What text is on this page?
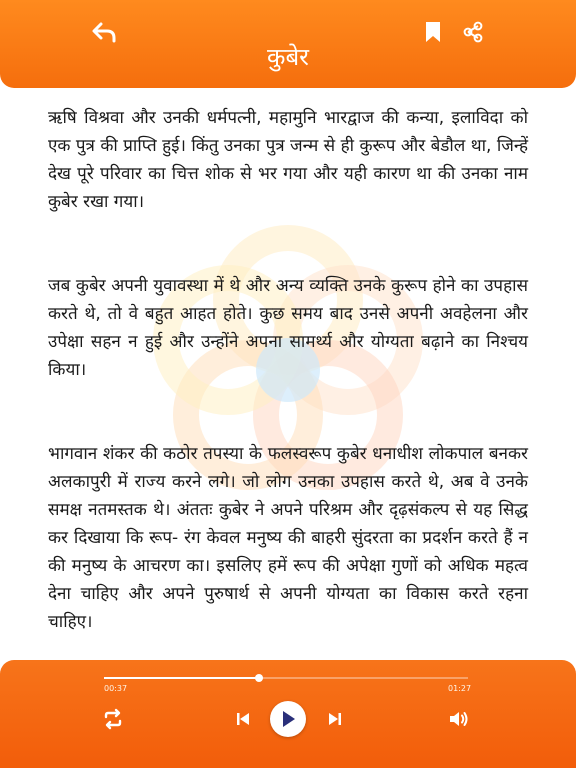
कुबेर

ऋषि विश्रवा और उनकी धर्मपत्नी, महामुनि भारद्वाज की कन्या, इलाविदा को एक पुत्र की प्राप्ति हुई। किंतु उनका पुत्र जन्म से ही कुरूप और बेडौल था, जिन्हें देख पूरे परिवार का चित्त शोक से भर गया और यही कारण था की उनका नाम कुबेर रखा गया।

जब कुबेर अपनी युवावस्था में थे और अन्य व्यक्ति उनके कुरूप होने का उपहास करते थे, तो वे बहुत आहत होते। कुछ समय बाद उनसे अपनी अवहेलना और उपेक्षा सहन न हुई और उन्होंने अपना सामर्थ्य और योग्यता बढ़ाने का निश्चय किया।

भागवान शंकर की कठोर तपस्या के फलस्वरूप कुबेर धनाधीश लोकपाल बनकर अलकापुरी में राज्य करने लगे। जो लोग उनका उपहास करते थे, अब वे उनके समक्ष नतमस्तक थे। अंततः कुबेर ने अपने परिश्रम और दृढ़संकल्प से यह सिद्ध कर दिखाया कि रूप- रंग केवल मनुष्य की बाहरी सुंदरता का प्रदर्शन करते हैं न की मनुष्य के आचरण का। इसलिए हमें रूप की अपेक्षा गुणों को अधिक महत्व देना चाहिए और अपने पुरुषार्थ से अपनी योग्यता का विकास करते रहना चाहिए।

00:37	01:27
